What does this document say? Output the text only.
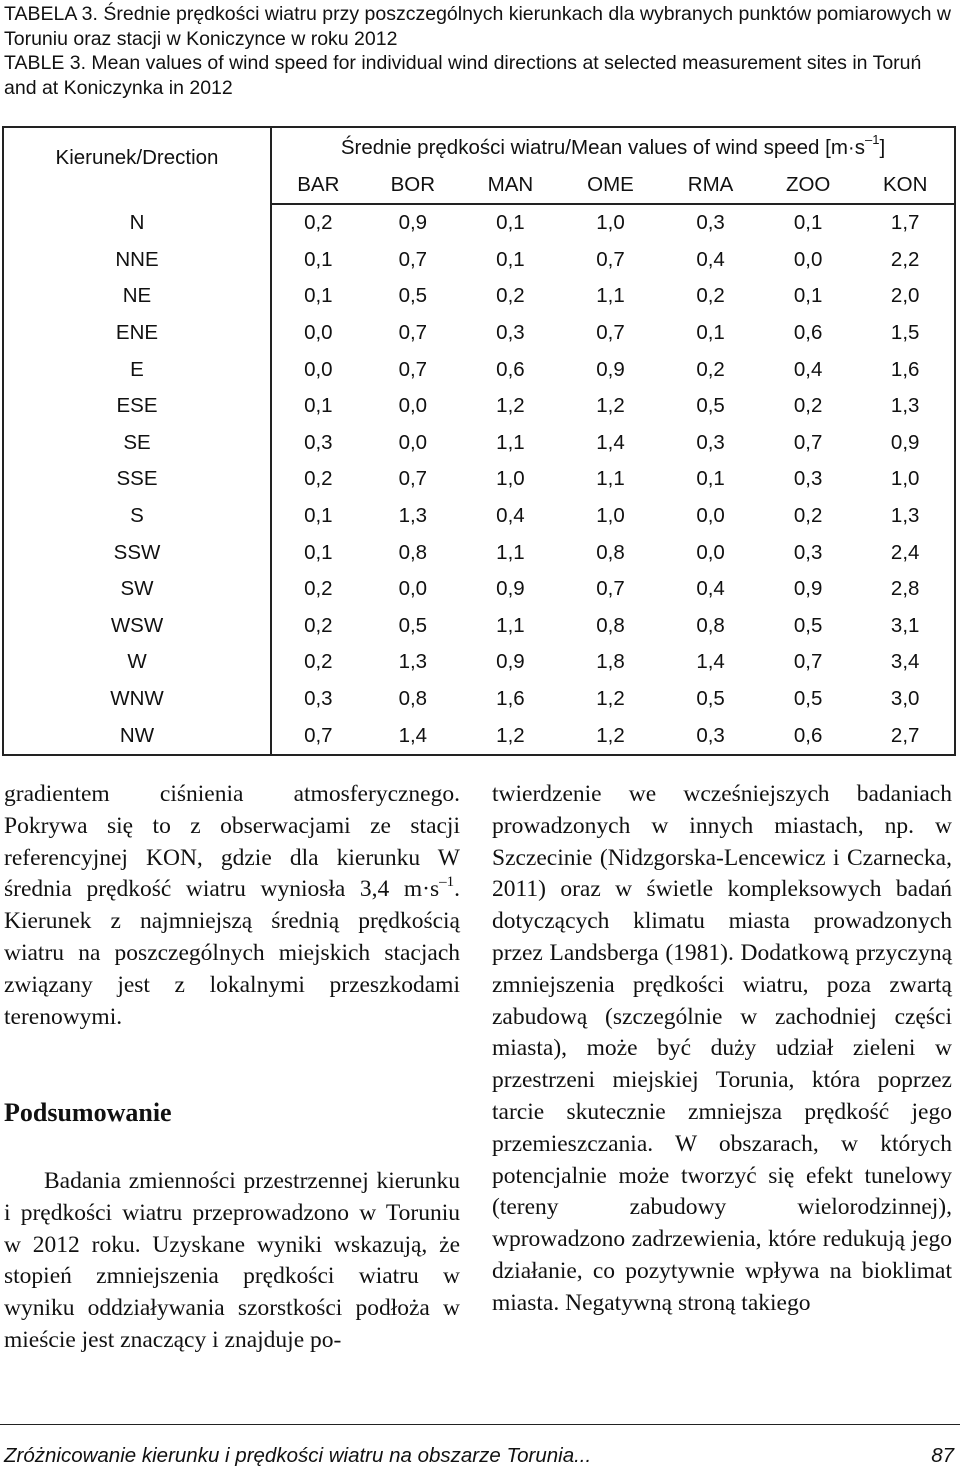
TABELA 3. Średnie prędkości wiatru przy poszczególnych kierunkach dla wybranych punktów pomiarowych w Toruniu oraz stacji w Koniczynce w roku 2012

TABLE 3. Mean values of wind speed for individual wind directions at selected measurement sites in Toruń and at Koniczynka in 2012

Kierunek/Drection	Średnie prędkości wiatru/Mean values of wind speed $[m\cdot s^{-1}]$						
	BAR	BOR	MAN	OME	RMA	ZOO	KON
N	0,2	0,9	0,1	1,0	0,3	0,1	1,7
NNE	0,1	0,7	0,1	0,7	0,4	0,0	2,2
NE	0,1	0,5	0,2	1,1	0,2	0,1	2,0
ENE	0,0	0,7	0,3	0,7	0,1	0,6	1,5
E	0,0	0,7	0,6	0,9	0,2	0,4	1,6
ESE	0,1	0,0	1,2	1,2	0,5	0,2	1,3
SE	0,3	0,0	1,1	1,4	0,3	0,7	0,9
SSE	0,2	0,7	1,0	1,1	0,1	0,3	1,0
S	0,1	1,3	0,4	1,0	0,0	0,2	1,3
SSW	0,1	0,8	1,1	0,8	0,0	0,3	2,4
SW	0,2	0,0	0,9	0,7	0,4	0,9	2,8
WSW	0,2	0,5	1,1	0,8	0,8	0,5	3,1
W	0,2	1,3	0,9	1,8	1,4	0,7	3,4
WNW	0,3	0,8	1,6	1,2	0,5	0,5	3,0
NW	0,7	1,4	1,2	1,2	0,3	0,6	2,7

gradientem ciśnienia atmosferycznego. Pokrywa się to z obserwacjami ze stacji referencyjnej KON, gdzie dla kierunku W średnia prędkość wiatru wyniosła 3,4 $m\cdot s^{-1}$. Kierunek z najmniejszą średnią prędkością wiatru na poszczególnych miejskich stacjach związany jest z lokalnymi przeszkodami terenowymi.

Podsumowanie

Badania zmienności przestrzennej kierunku i prędkości wiatru przeprowadzono w Toruniu w 2012 roku. Uzyskane wyniki wskazują, że stopień zmniejszenia prędkości wiatru w wyniku oddziaływania szorstkości podłoża w mieście jest znaczący i znajduje po-

twierdzenie we wcześniejszych badaniach prowadzonych w innych miastach, np. w Szczecinie (Nidzgorska-Lencewicz i Czarnecka, 2011) oraz w świetle kompleksowych badań dotyczących klimatu miasta prowadzonych przez Landsberga (1981). Dodatkową przyczyną zmniejszenia prędkości wiatru, poza zwartą zabudową (szczególnie w zachodniej części miasta), może być duży udział zieleni w przestrzeni miejskiej Torunia, która poprzez tarcie skutecznie zmniejsza prędkość jego przemieszczania. W obszarach, w których potencjalnie może tworzyć się efekt tunelowy (tereny zabudowy wielorodzinnej), wprowadzono zadrzewienia, które redukują jego działanie, co pozytywnie wpływa na bioklimat miasta. Negatywną stroną takiego

Zróżnicowanie kierunku i prędkości wiatru na obszarze Torunia...	87
